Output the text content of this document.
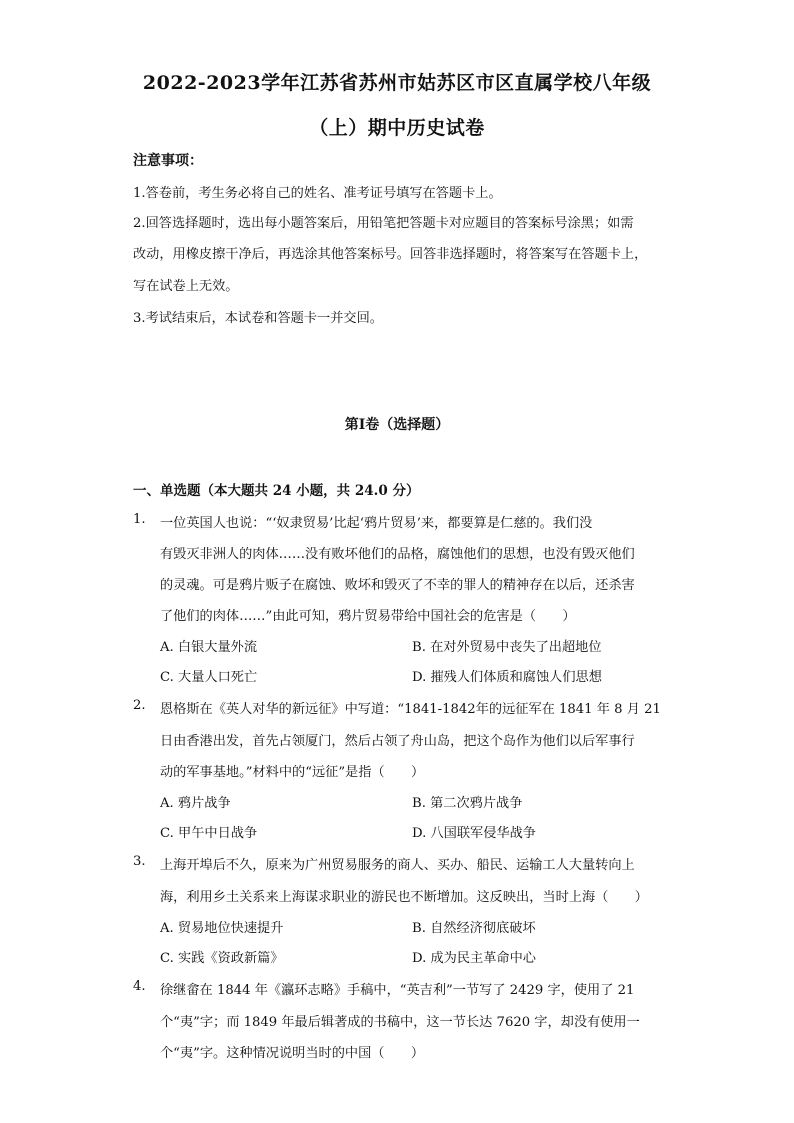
2022-2023学年江苏省苏州市姑苏区市区直属学校八年级
（上）期中历史试卷
注意事项：
1.答卷前，考生务必将自己的姓名、准考证号填写在答题卡上。
2.回答选择题时，选出每小题答案后，用铅笔把答题卡对应题目的答案标号涂黑；如需
改动，用橡皮擦干净后，再选涂其他答案标号。回答非选择题时，将答案写在答题卡上，
写在试卷上无效。
3.考试结束后，本试卷和答题卡一并交回。
第I卷（选择题）
一、单选题（本大题共 24 小题，共 24.0 分）
1. 一位英国人也说：“‘奴隶贸易’比起‘鸦片贸易’来，都要算是仁慈的。我们没
有毁灭非洲人的肉体……没有败坏他们的品格，腐蚀他们的思想，也没有毁灭他们
的灵魂。可是鸦片贩子在腐蚀、败坏和毁灭了不幸的罪人的精神存在以后，还杀害
了他们的肉体……”由此可知，鸦片贸易带给中国社会的危害是（　　）
A. 白银大量外流	B. 在对外贸易中丧失了出超地位
C. 大量人口死亡	D. 摧残人们体质和腐蚀人们思想
2. 恩格斯在《英人对华的新远征》中写道：“1841-1842年的远征军在 1841 年 8 月 21
日由香港出发，首先占领厦门，然后占领了舟山岛，把这个岛作为他们以后军事行
动的军事基地。”材料中的“远征”是指（　　）
A. 鸦片战争	B. 第二次鸦片战争
C. 甲午中日战争	D. 八国联军侵华战争
3. 上海开埠后不久，原来为广州贸易服务的商人、买办、船民、运输工人大量转向上
海，利用乡土关系来上海谋求职业的游民也不断增加。这反映出，当时上海（　　）
A. 贸易地位快速提升	B. 自然经济彻底破坏
C. 实践《资政新篇》	D. 成为民主革命中心
4. 徐继畲在 1844 年《瀛环志略》手稿中，“英吉利”一节写了 2429 字，使用了 21
个“夷”字；而 1849 年最后辑著成的书稿中，这一节长达 7620 字，却没有使用一
个“夷”字。这种情况说明当时的中国（　　）
